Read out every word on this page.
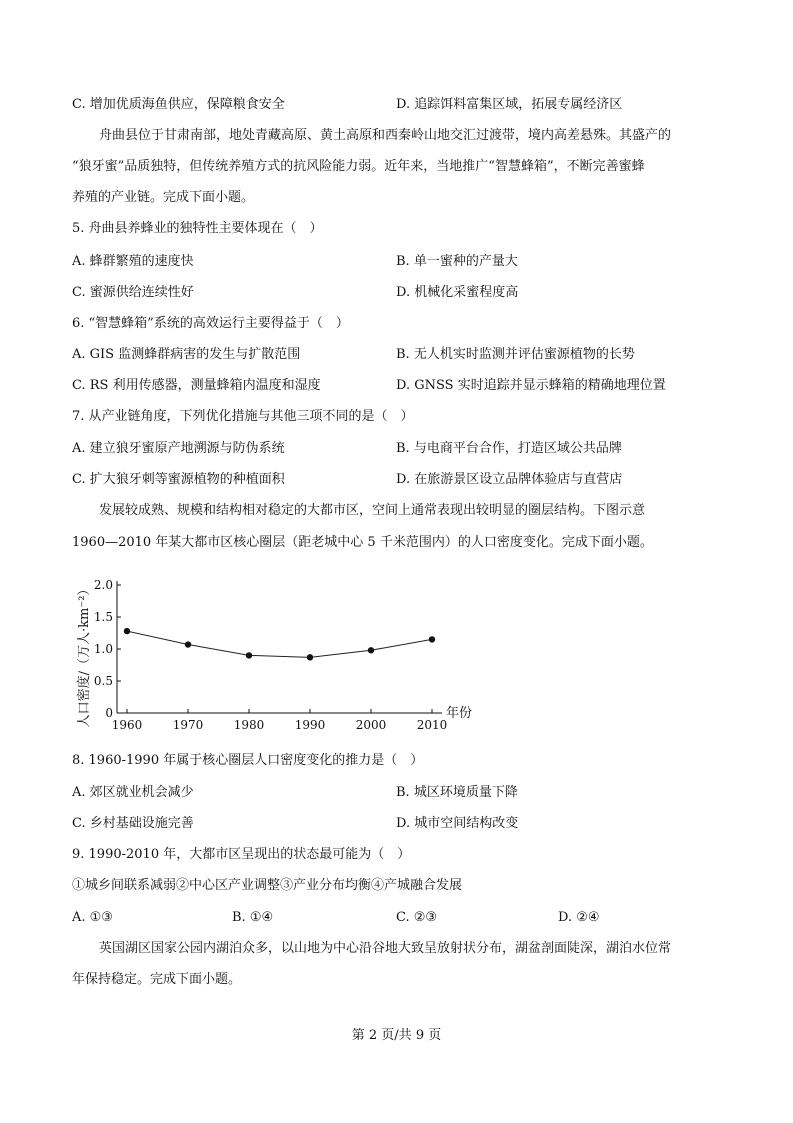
C. 增加优质海鱼供应，保障粮食安全	D. 追踪饵料富集区域，拓展专属经济区
舟曲县位于甘肃南部，地处青藏高原、黄土高原和西秦岭山地交汇过渡带，境内高差悬殊。其盛产的
“狼牙蜜”品质独特，但传统养殖方式的抗风险能力弱。近年来，当地推广“智慧蜂箱”，不断完善蜜蜂
养殖的产业链。完成下面小题。
5. 舟曲县养蜂业的独特性主要体现在（　）
A. 蜂群繁殖的速度快	B. 单一蜜种的产量大
C. 蜜源供给连续性好	D. 机械化采蜜程度高
6. “智慧蜂箱”系统的高效运行主要得益于（　）
A. GIS 监测蜂群病害的发生与扩散范围	B. 无人机实时监测并评估蜜源植物的长势
C. RS 利用传感器，测量蜂箱内温度和湿度	D. GNSS 实时追踪并显示蜂箱的精确地理位置
7. 从产业链角度，下列优化措施与其他三项不同的是（　）
A. 建立狼牙蜜原产地溯源与防伪系统	B. 与电商平台合作，打造区域公共品牌
C. 扩大狼牙刺等蜜源植物的种植面积	D. 在旅游景区设立品牌体验店与直营店
发展较成熟、规模和结构相对稳定的大都市区，空间上通常表现出较明显的圈层结构。下图示意
1960—2010 年某大都市区核心圈层（距老城中心 5 千米范围内）的人口密度变化。完成下面小题。
0
0.5
1.0
1.5
2.0
1960	1970	1980	1990	2000	2010
年份
人口密度/（万人·km⁻²）
8. 1960-1990 年属于核心圈层人口密度变化的推力是（　）
A. 郊区就业机会减少	B. 城区环境质量下降
C. 乡村基础设施完善	D. 城市空间结构改变
9. 1990-2010 年，大都市区呈现出的状态最可能为（　）
①城乡间联系减弱②中心区产业调整③产业分布均衡④产城融合发展
A. ①③	B. ①④	C. ②③	D. ②④
英国湖区国家公园内湖泊众多，以山地为中心沿谷地大致呈放射状分布，湖盆剖面陡深，湖泊水位常
年保持稳定。完成下面小题。
第 2 页/共 9 页
